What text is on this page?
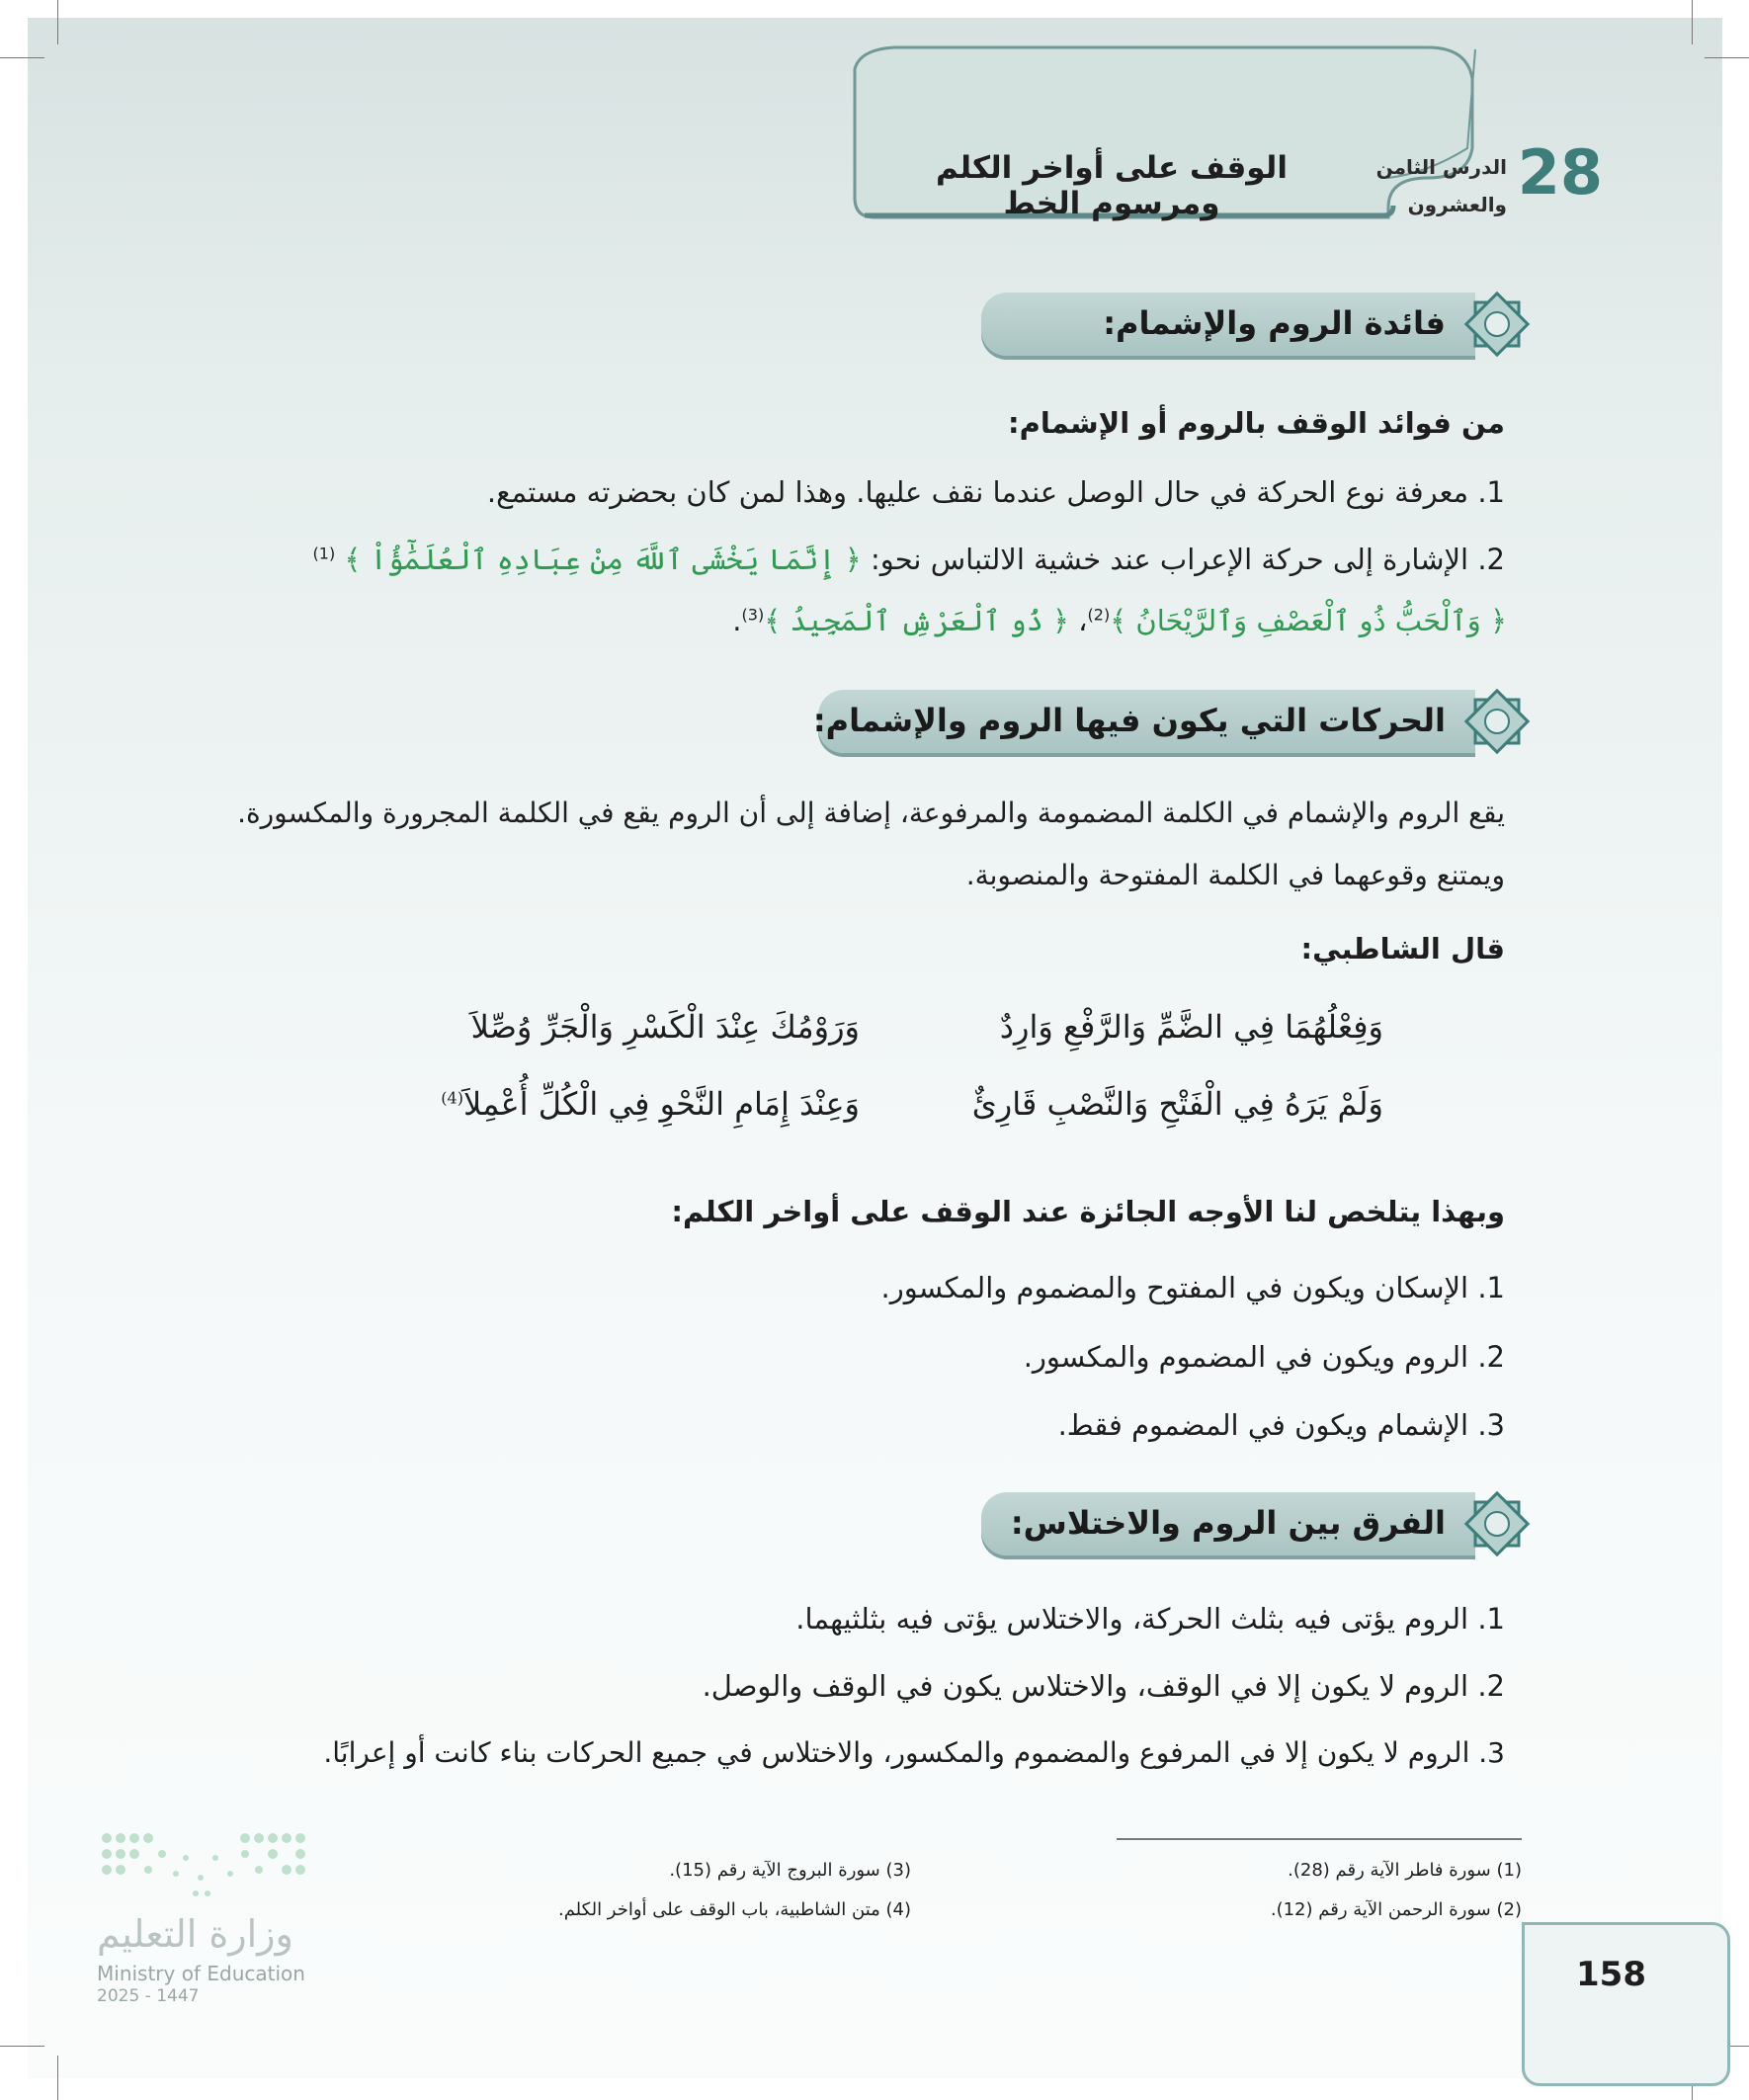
الوقف على أواخر الكلم ومرسوم الخط	28
الدرس الثامن
والعشرون
فائدة الروم والإشمام:
من فوائد الوقف بالروم أو الإشمام:
1. معرفة نوع الحركة في حال الوصل عندما نقف عليها. وهذا لمن كان بحضرته مستمع.
2. الإشارة إلى حركة الإعراب عند خشية الالتباس نحو: ﴿ إِنَّمَا يَخْشَى ٱللَّهَ مِنْ عِبَادِهِ ٱلْعُلَمَٰٓؤُاْ ﴾ $^{(1)}$
﴿ وَٱلْحَبُّ ذُو ٱلْعَصْفِ وَٱلرَّيْحَانُ ﴾$^{(2)}$، ﴿ ذُو ٱلْعَرْشِ ٱلْمَجِيدُ ﴾$^{(3)}$.
الحركات التي يكون فيها الروم والإشمام:
يقع الروم والإشمام في الكلمة المضمومة والمرفوعة، إضافة إلى أن الروم يقع في الكلمة المجرورة والمكسورة.
ويمتنع وقوعهما في الكلمة المفتوحة والمنصوبة.
قال الشاطبي:
وَفِعْلُهُمَا فِي الضَّمِّ وَالرَّفْعِ وَارِدٌ
وَرَوْمُكَ عِنْدَ الْكَسْرِ وَالْجَرِّ وُصِّلاَ
وَلَمْ يَرَهُ فِي الْفَتْحِ وَالنَّصْبِ قَارِئٌ
وَعِنْدَ إِمَامِ النَّحْوِ فِي الْكُلِّ أُعْمِلاَ$^{(4)}$
وبهذا يتلخص لنا الأوجه الجائزة عند الوقف على أواخر الكلم:
1. الإسكان ويكون في المفتوح والمضموم والمكسور.
2. الروم ويكون في المضموم والمكسور.
3. الإشمام ويكون في المضموم فقط.
الفرق بين الروم والاختلاس:
1. الروم يؤتى فيه بثلث الحركة، والاختلاس يؤتى فيه بثلثيهما.
2. الروم لا يكون إلا في الوقف، والاختلاس يكون في الوقف والوصل.
3. الروم لا يكون إلا في المرفوع والمضموم والمكسور، والاختلاس في جميع الحركات بناء كانت أو إعرابًا.
(1) سورة فاطر الآية رقم (28).
(2) سورة الرحمن الآية رقم (12).
(3) سورة البروج الآية رقم (15).
(4) متن الشاطبية، باب الوقف على أواخر الكلم.
158
وزارة التعليم
Ministry of Education
2025 - 1447
